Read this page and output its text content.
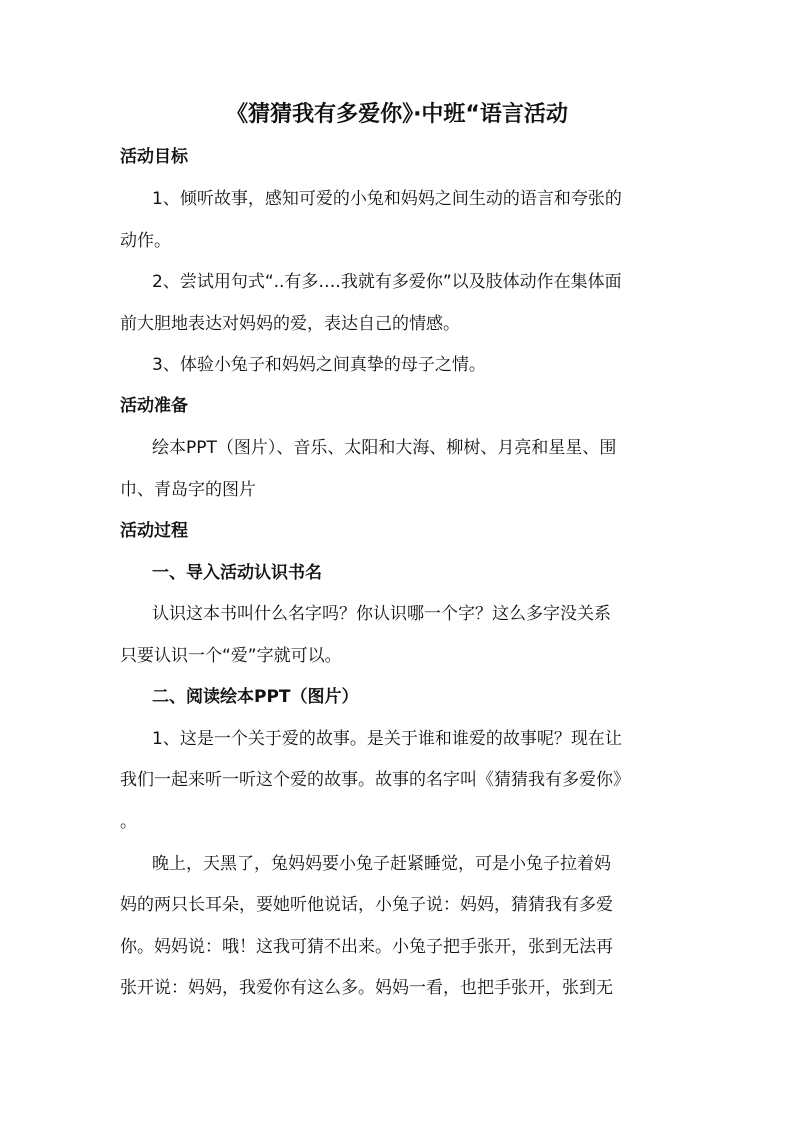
《猜猜我有多爱你》·中班“语言活动
活动目标
1、倾听故事，感知可爱的小兔和妈妈之间生动的语言和夸张的
动作。
2、尝试用句式“..有多….我就有多爱你”以及肢体动作在集体面
前大胆地表达对妈妈的爱，表达自己的情感。
3、体验小兔子和妈妈之间真挚的母子之情。
活动准备
绘本PPT（图片）、音乐、太阳和大海、柳树、月亮和星星、围
巾、青岛字的图片
活动过程
一、导入活动认识书名
认识这本书叫什么名字吗？你认识哪一个字？这么多字没关系
只要认识一个“爱”字就可以。
二、阅读绘本PPT（图片）
1、这是一个关于爱的故事。是关于谁和谁爱的故事呢？现在让
我们一起来听一听这个爱的故事。故事的名字叫《猜猜我有多爱你》
。
晚上，天黑了，兔妈妈要小兔子赶紧睡觉，可是小兔子拉着妈
妈的两只长耳朵，要她听他说话，小兔子说：妈妈，猜猜我有多爱
你。妈妈说：哦！这我可猜不出来。小兔子把手张开，张到无法再
张开说：妈妈，我爱你有这么多。妈妈一看，也把手张开，张到无
